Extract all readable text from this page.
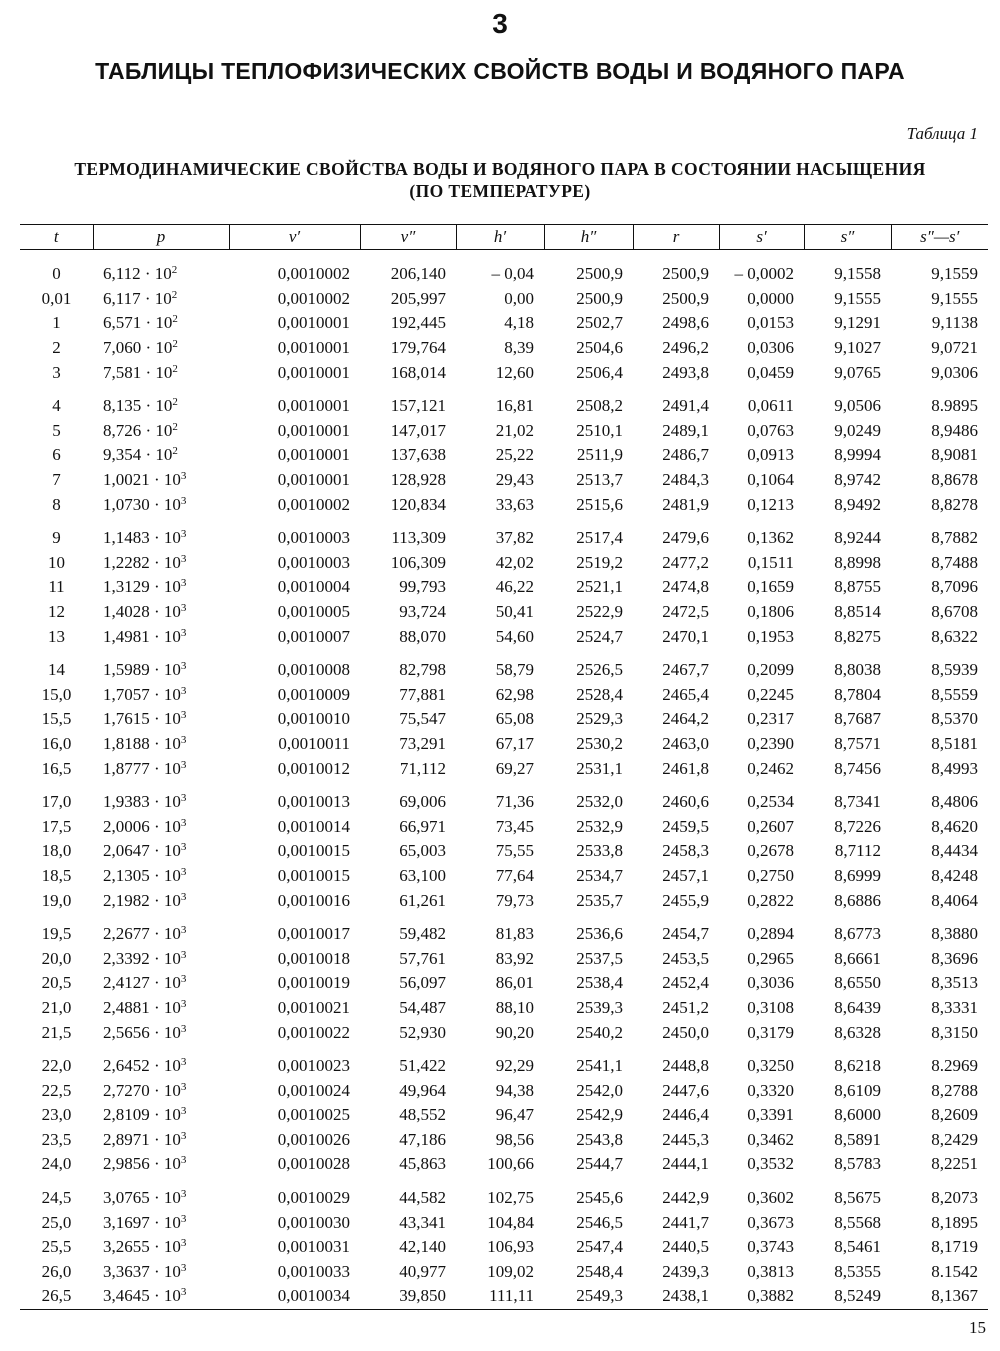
3
ТАБЛИЦЫ ТЕПЛОФИЗИЧЕСКИХ СВОЙСТВ ВОДЫ И ВОДЯНОГО ПАРА
Таблица 1
ТЕРМОДИНАМИЧЕСКИЕ СВОЙСТВА ВОДЫ И ВОДЯНОГО ПАРА В СОСТОЯНИИ НАСЫЩЕНИЯ
(ПО ТЕМПЕРАТУРЕ)
t	p	v′	v″	h′	h″	r	s′	s″	s″—s′
0	$6,112 \cdot 10^2$	0,0010002	206,140	– 0,04	2500,9	2500,9	– 0,0002	9,1558	9,1559
0,01	$6,117 \cdot 10^2$	0,0010002	205,997	0,00	2500,9	2500,9	0,0000	9,1555	9,1555
1	$6,571 \cdot 10^2$	0,0010001	192,445	4,18	2502,7	2498,6	0,0153	9,1291	9,1138
2	$7,060 \cdot 10^2$	0,0010001	179,764	8,39	2504,6	2496,2	0,0306	9,1027	9,0721
3	$7,581 \cdot 10^2$	0,0010001	168,014	12,60	2506,4	2493,8	0,0459	9,0765	9,0306
4	$8,135 \cdot 10^2$	0,0010001	157,121	16,81	2508,2	2491,4	0,0611	9,0506	8.9895
5	$8,726 \cdot 10^2$	0,0010001	147,017	21,02	2510,1	2489,1	0,0763	9,0249	8,9486
6	$9,354 \cdot 10^2$	0,0010001	137,638	25,22	2511,9	2486,7	0,0913	8,9994	8,9081
7	$1,0021 \cdot 10^3$	0,0010001	128,928	29,43	2513,7	2484,3	0,1064	8,9742	8,8678
8	$1,0730 \cdot 10^3$	0,0010002	120,834	33,63	2515,6	2481,9	0,1213	8,9492	8,8278
9	$1,1483 \cdot 10^3$	0,0010003	113,309	37,82	2517,4	2479,6	0,1362	8,9244	8,7882
10	$1,2282 \cdot 10^3$	0,0010003	106,309	42,02	2519,2	2477,2	0,1511	8,8998	8,7488
11	$1,3129 \cdot 10^3$	0,0010004	99,793	46,22	2521,1	2474,8	0,1659	8,8755	8,7096
12	$1,4028 \cdot 10^3$	0,0010005	93,724	50,41	2522,9	2472,5	0,1806	8,8514	8,6708
13	$1,4981 \cdot 10^3$	0,0010007	88,070	54,60	2524,7	2470,1	0,1953	8,8275	8,6322
14	$1,5989 \cdot 10^3$	0,0010008	82,798	58,79	2526,5	2467,7	0,2099	8,8038	8,5939
15,0	$1,7057 \cdot 10^3$	0,0010009	77,881	62,98	2528,4	2465,4	0,2245	8,7804	8,5559
15,5	$1,7615 \cdot 10^3$	0,0010010	75,547	65,08	2529,3	2464,2	0,2317	8,7687	8,5370
16,0	$1,8188 \cdot 10^3$	0,0010011	73,291	67,17	2530,2	2463,0	0,2390	8,7571	8,5181
16,5	$1,8777 \cdot 10^3$	0,0010012	71,112	69,27	2531,1	2461,8	0,2462	8,7456	8,4993
17,0	$1,9383 \cdot 10^3$	0,0010013	69,006	71,36	2532,0	2460,6	0,2534	8,7341	8,4806
17,5	$2,0006 \cdot 10^3$	0,0010014	66,971	73,45	2532,9	2459,5	0,2607	8,7226	8,4620
18,0	$2,0647 \cdot 10^3$	0,0010015	65,003	75,55	2533,8	2458,3	0,2678	8,7112	8,4434
18,5	$2,1305 \cdot 10^3$	0,0010015	63,100	77,64	2534,7	2457,1	0,2750	8,6999	8,4248
19,0	$2,1982 \cdot 10^3$	0,0010016	61,261	79,73	2535,7	2455,9	0,2822	8,6886	8,4064
19,5	$2,2677 \cdot 10^3$	0,0010017	59,482	81,83	2536,6	2454,7	0,2894	8,6773	8,3880
20,0	$2,3392 \cdot 10^3$	0,0010018	57,761	83,92	2537,5	2453,5	0,2965	8,6661	8,3696
20,5	$2,4127 \cdot 10^3$	0,0010019	56,097	86,01	2538,4	2452,4	0,3036	8,6550	8,3513
21,0	$2,4881 \cdot 10^3$	0,0010021	54,487	88,10	2539,3	2451,2	0,3108	8,6439	8,3331
21,5	$2,5656 \cdot 10^3$	0,0010022	52,930	90,20	2540,2	2450,0	0,3179	8,6328	8,3150
22,0	$2,6452 \cdot 10^3$	0,0010023	51,422	92,29	2541,1	2448,8	0,3250	8,6218	8.2969
22,5	$2,7270 \cdot 10^3$	0,0010024	49,964	94,38	2542,0	2447,6	0,3320	8,6109	8,2788
23,0	$2,8109 \cdot 10^3$	0,0010025	48,552	96,47	2542,9	2446,4	0,3391	8,6000	8,2609
23,5	$2,8971 \cdot 10^3$	0,0010026	47,186	98,56	2543,8	2445,3	0,3462	8,5891	8,2429
24,0	$2,9856 \cdot 10^3$	0,0010028	45,863	100,66	2544,7	2444,1	0,3532	8,5783	8,2251
24,5	$3,0765 \cdot 10^3$	0,0010029	44,582	102,75	2545,6	2442,9	0,3602	8,5675	8,2073
25,0	$3,1697 \cdot 10^3$	0,0010030	43,341	104,84	2546,5	2441,7	0,3673	8,5568	8,1895
25,5	$3,2655 \cdot 10^3$	0,0010031	42,140	106,93	2547,4	2440,5	0,3743	8,5461	8,1719
26,0	$3,3637 \cdot 10^3$	0,0010033	40,977	109,02	2548,4	2439,3	0,3813	8,5355	8.1542
26,5	$3,4645 \cdot 10^3$	0,0010034	39,850	111,11	2549,3	2438,1	0,3882	8,5249	8,1367
15
